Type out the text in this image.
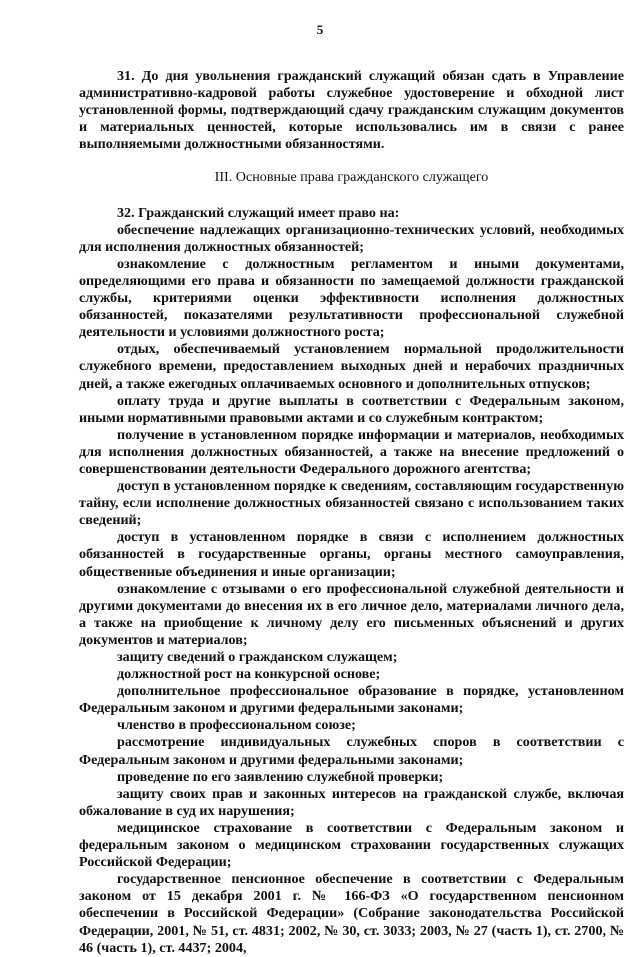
5

31. До дня увольнения гражданский служащий обязан сдать в Управление административно-кадровой работы служебное удостоверение и обходной лист установленной формы, подтверждающий сдачу гражданским служащим документов и материальных ценностей, которые использовались им в связи с ранее выполняемыми должностными обязанностями.

III. Основные права гражданского служащего

32. Гражданский служащий имеет право на:

обеспечение надлежащих организационно-технических условий, необходимых для исполнения должностных обязанностей;

ознакомление с должностным регламентом и иными документами, определяющими его права и обязанности по замещаемой должности гражданской службы, критериями оценки эффективности исполнения должностных обязанностей, показателями результативности профессиональной служебной деятельности и условиями должностного роста;

отдых, обеспечиваемый установлением нормальной продолжительности служебного времени, предоставлением выходных дней и нерабочих праздничных дней, а также ежегодных оплачиваемых основного и дополнительных отпусков;

оплату труда и другие выплаты в соответствии с Федеральным законом, иными нормативными правовыми актами и со служебным контрактом;

получение в установленном порядке информации и материалов, необходимых для исполнения должностных обязанностей, а также на внесение предложений о совершенствовании деятельности Федерального дорожного агентства;

доступ в установленном порядке к сведениям, составляющим государственную тайну, если исполнение должностных обязанностей связано с использованием таких сведений;

доступ в установленном порядке в связи с исполнением должностных обязанностей в государственные органы, органы местного самоуправления, общественные объединения и иные организации;

ознакомление с отзывами о его профессиональной служебной деятельности и другими документами до внесения их в его личное дело, материалами личного дела, а также на приобщение к личному делу его письменных объяснений и других документов и материалов;

защиту сведений о гражданском служащем;

должностной рост на конкурсной основе;

дополнительное профессиональное образование в порядке, установленном Федеральным законом и другими федеральными законами;

членство в профессиональном союзе;

рассмотрение индивидуальных служебных споров в соответствии с Федеральным законом и другими федеральными законами;

проведение по его заявлению служебной проверки;

защиту своих прав и законных интересов на гражданской службе, включая обжалование в суд их нарушения;

медицинское страхование в соответствии с Федеральным законом и федеральным законом о медицинском страховании государственных служащих Российской Федерации;

государственное пенсионное обеспечение в соответствии с Федеральным законом от 15 декабря 2001 г. № 166-ФЗ «О государственном пенсионном обеспечении в Российской Федерации» (Собрание законодательства Российской Федерации, 2001, № 51, ст. 4831; 2002, № 30, ст. 3033; 2003, № 27 (часть 1), ст. 2700, № 46 (часть 1), ст. 4437; 2004,
